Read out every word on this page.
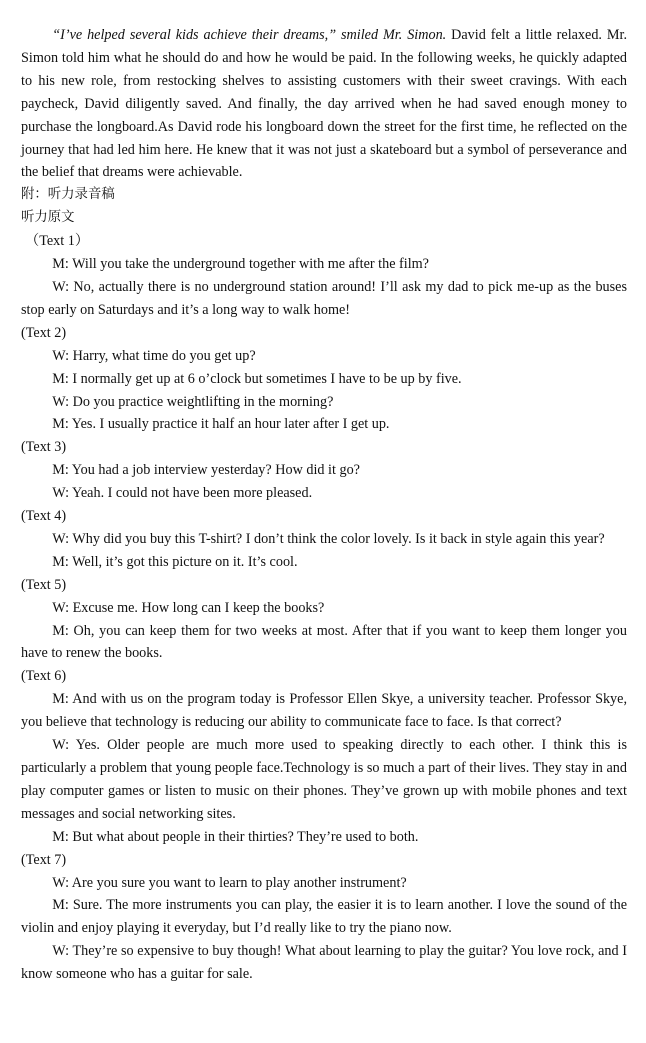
“I’ve helped several kids achieve their dreams,” smiled Mr. Simon. David felt a little relaxed. Mr. Simon told him what he should do and how he would be paid. In the following weeks, he quickly adapted to his new role, from restocking shelves to assisting customers with their sweet cravings. With each paycheck, David diligently saved. And finally, the day arrived when he had saved enough money to purchase the longboard.As David rode his longboard down the street for the first time, he reflected on the journey that had led him here. He knew that it was not just a skateboard but a symbol of perseverance and the belief that dreams were achievable.

附：听力录音稿

听力原文

（Text 1）

M: Will you take the underground together with me after the film?

W: No, actually there is no underground station around! I’ll ask my dad to pick me-up as the buses stop early on Saturdays and it’s a long way to walk home!

(Text 2)

W: Harry, what time do you get up?

M: I normally get up at 6 o’clock but sometimes I have to be up by five.

W: Do you practice weightlifting in the morning?

M: Yes. I usually practice it half an hour later after I get up.

(Text 3)

M: You had a job interview yesterday? How did it go?

W: Yeah. I could not have been more pleased.

(Text 4)

W: Why did you buy this T-shirt? I don’t think the color lovely. Is it back in style again this year?

M: Well, it’s got this picture on it. It’s cool.

(Text 5)

W: Excuse me. How long can I keep the books?

M: Oh, you can keep them for two weeks at most. After that if you want to keep them longer you have to renew the books.

(Text 6)

M: And with us on the program today is Professor Ellen Skye, a university teacher. Professor Skye, you believe that technology is reducing our ability to communicate face to face. Is that correct?

W: Yes. Older people are much more used to speaking directly to each other. I think this is particularly a problem that young people face.Technology is so much a part of their lives. They stay in and play computer games or listen to music on their phones. They’ve grown up with mobile phones and text messages and social networking sites.

M: But what about people in their thirties? They’re used to both.

(Text 7)

W: Are you sure you want to learn to play another instrument?

M: Sure. The more instruments you can play, the easier it is to learn another. I love the sound of the violin and enjoy playing it everyday, but I’d really like to try the piano now.

W: They’re so expensive to buy though! What about learning to play the guitar? You love rock, and I know someone who has a guitar for sale.
